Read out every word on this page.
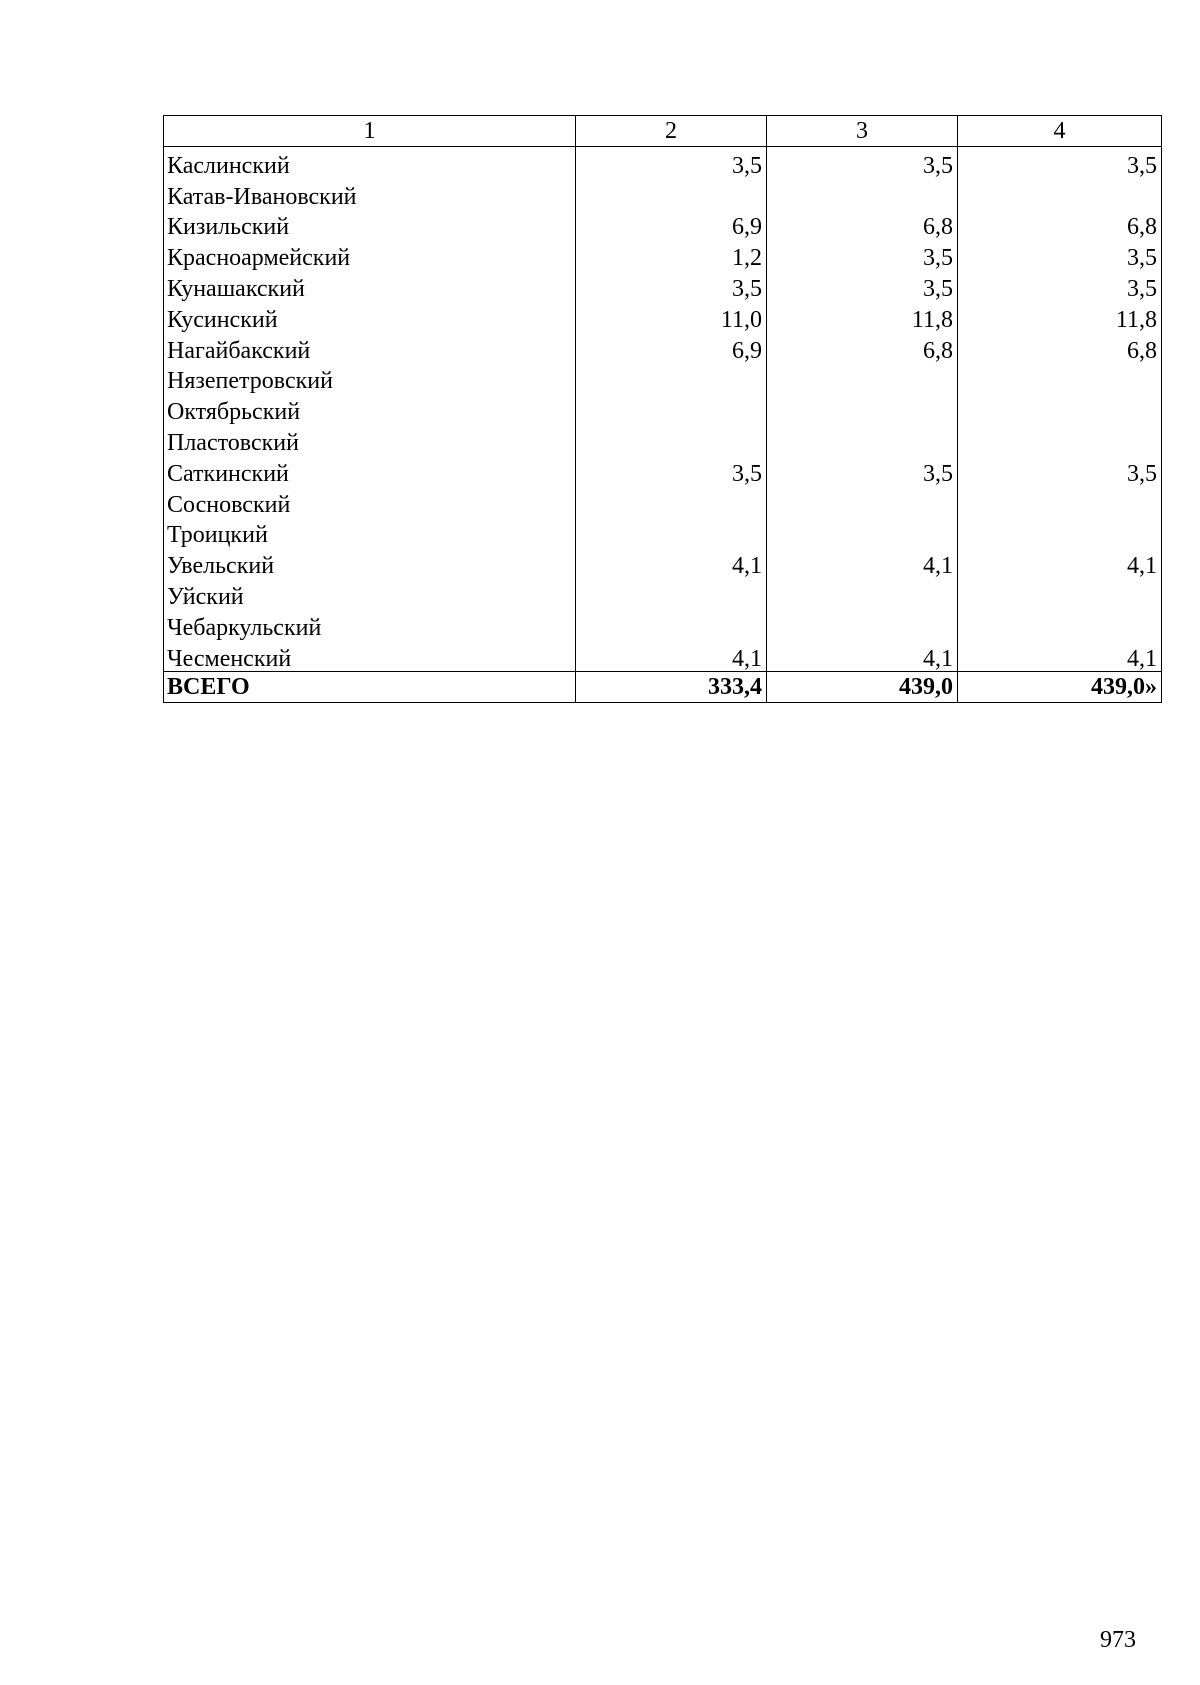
1	2	3	4
Каслинский	3,5	3,5	3,5
Катав-Ивановский			
Кизильский	6,9	6,8	6,8
Красноармейский	1,2	3,5	3,5
Кунашакский	3,5	3,5	3,5
Кусинский	11,0	11,8	11,8
Нагайбакский	6,9	6,8	6,8
Нязепетровский			
Октябрьский			
Пластовский			
Саткинский	3,5	3,5	3,5
Сосновский			
Троицкий			
Увельский	4,1	4,1	4,1
Уйский			
Чебаркульский			
Чесменский	4,1	4,1	4,1
ВСЕГО	333,4	439,0	439,0»
973
